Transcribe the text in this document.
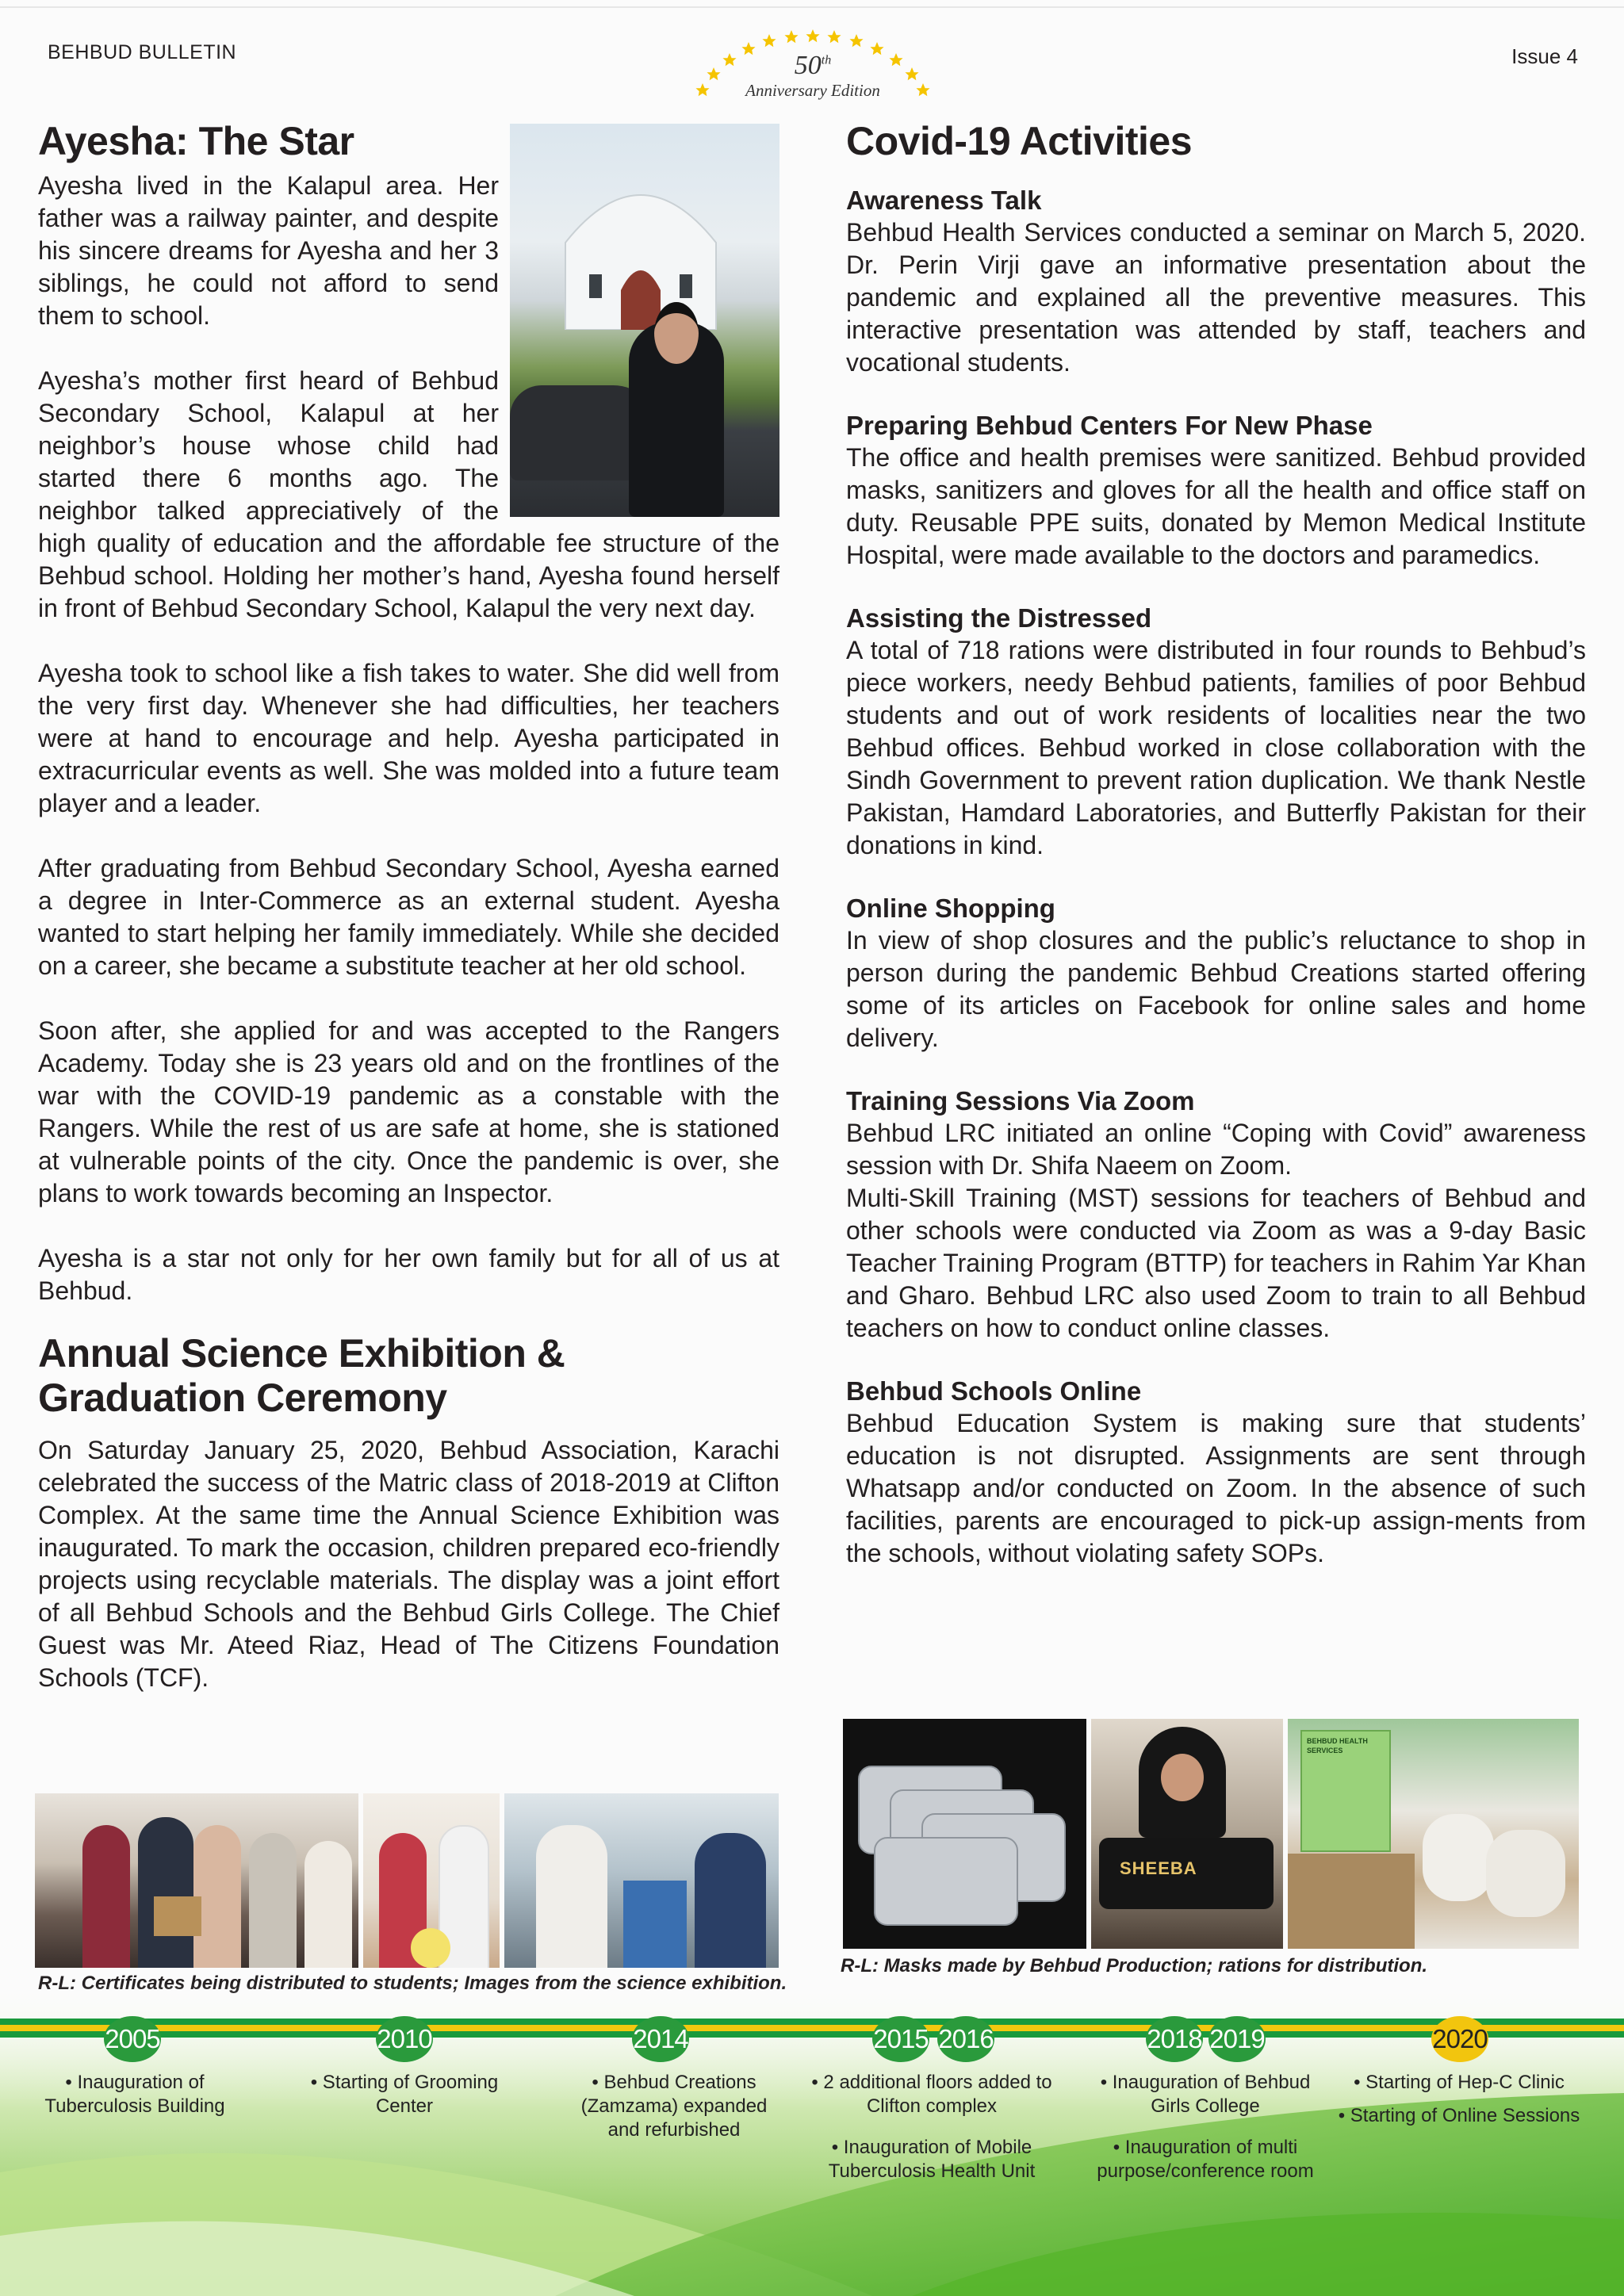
BEHBUD BULLETIN	Issue 4
50th
Anniversary Edition
Ayesha: The Star

Ayesha lived in the Kalapul area. Her father was a railway painter, and despite his sincere dreams for Ayesha and her 3 siblings, he could not afford to send them to school.

Ayesha’s mother first heard of Behbud Secondary School, Kalapul at her neighbor’s house whose child had started there 6 months ago. The neighbor talked appreciatively of the high quality of education and the affordable fee structure of the Behbud school. Holding her mother’s hand, Ayesha found herself in front of Behbud Secondary School, Kalapul the very next day.

Ayesha took to school like a fish takes to water. She did well from the very first day. Whenever she had difficulties, her teachers were at hand to encourage and help. Ayesha participated in extracurricular events as well. She was molded into a future team player and a leader.

After graduating from Behbud Secondary School, Ayesha earned a degree in Inter-Commerce as an external student. Ayesha wanted to start helping her family immediately. While she decided on a career, she became a substitute teacher at her old school.

Soon after, she applied for and was accepted to the Rangers Academy. Today she is 23 years old and on the frontlines of the war with the COVID-19 pandemic as a constable with the Rangers. While the rest of us are safe at home, she is stationed at vulnerable points of the city. Once the pandemic is over, she plans to work towards becoming an Inspector.

Ayesha is a star not only for her own family but for all of us at Behbud.

Annual Science Exhibition &
Graduation Ceremony

On Saturday January 25, 2020, Behbud Association, Karachi celebrated the success of the Matric class of 2018-2019 at Clifton Complex. At the same time the Annual Science Exhibition was inaugurated. To mark the occasion, children prepared eco-friendly projects using recyclable materials. The display was a joint effort of all Behbud Schools and the Behbud Girls College. The Chief Guest was Mr. Ateed Riaz, Head of The Citizens Foundation Schools (TCF).

Covid-19 Activities
Awareness Talk

Behbud Health Services conducted a seminar on March 5, 2020. Dr. Perin Virji gave an informative presentation about the pandemic and explained all the preventive measures. This interactive presentation was attended by staff, teachers and vocational students.

Preparing Behbud Centers For New Phase

The office and health premises were sanitized. Behbud provided masks, sanitizers and gloves for all the health and office staff on duty. Reusable PPE suits, donated by Memon Medical Institute Hospital, were made available to the doctors and paramedics.

Assisting the Distressed

A total of 718 rations were distributed in four rounds to Behbud’s piece workers, needy Behbud patients, families of poor Behbud students and out of work residents of localities near the two Behbud offices. Behbud worked in close collaboration with the Sindh Government to prevent ration duplication. We thank Nestle Pakistan, Hamdard Laboratories, and Butterfly Pakistan for their donations in kind.

Online Shopping

In view of shop closures and the public’s reluctance to shop in person during the pandemic Behbud Creations started offering some of its articles on Facebook for online sales and home delivery.

Training Sessions Via Zoom

Behbud LRC initiated an online “Coping with Covid” awareness session with Dr. Shifa Naeem on Zoom.

Multi-Skill Training (MST) sessions for teachers of Behbud and other schools were conducted via Zoom as was a 9-day Basic Teacher Training Program (BTTP) for teachers in Rahim Yar Khan and Gharo. Behbud LRC also used Zoom to train to all Behbud teachers on how to conduct online classes.

Behbud Schools Online

Behbud Education System is making sure that students’ education is not disrupted. Assignments are sent through Whatsapp and/or conducted on Zoom. In the absence of such facilities, parents are encouraged to pick-up assign-ments from the schools, without violating safety SOPs.

SHEEBA
BEHBUD HEALTH SERVICES
R-L: Masks made by Behbud Production; rations for distribution.
2005	2010	2014	2015 2016	2018 2019	2020
• Inauguration of Tuberculosis Building
• Starting of Grooming Center
• Behbud Creations (Zamzama) expanded and refurbished
• 2 additional floors added to Clifton complex
• Inauguration of Mobile Tuberculosis Health Unit
• Inauguration of Behbud Girls College
• Inauguration of multi purpose/conference room
• Starting of Hep-C Clinic
• Starting of Online Sessions
